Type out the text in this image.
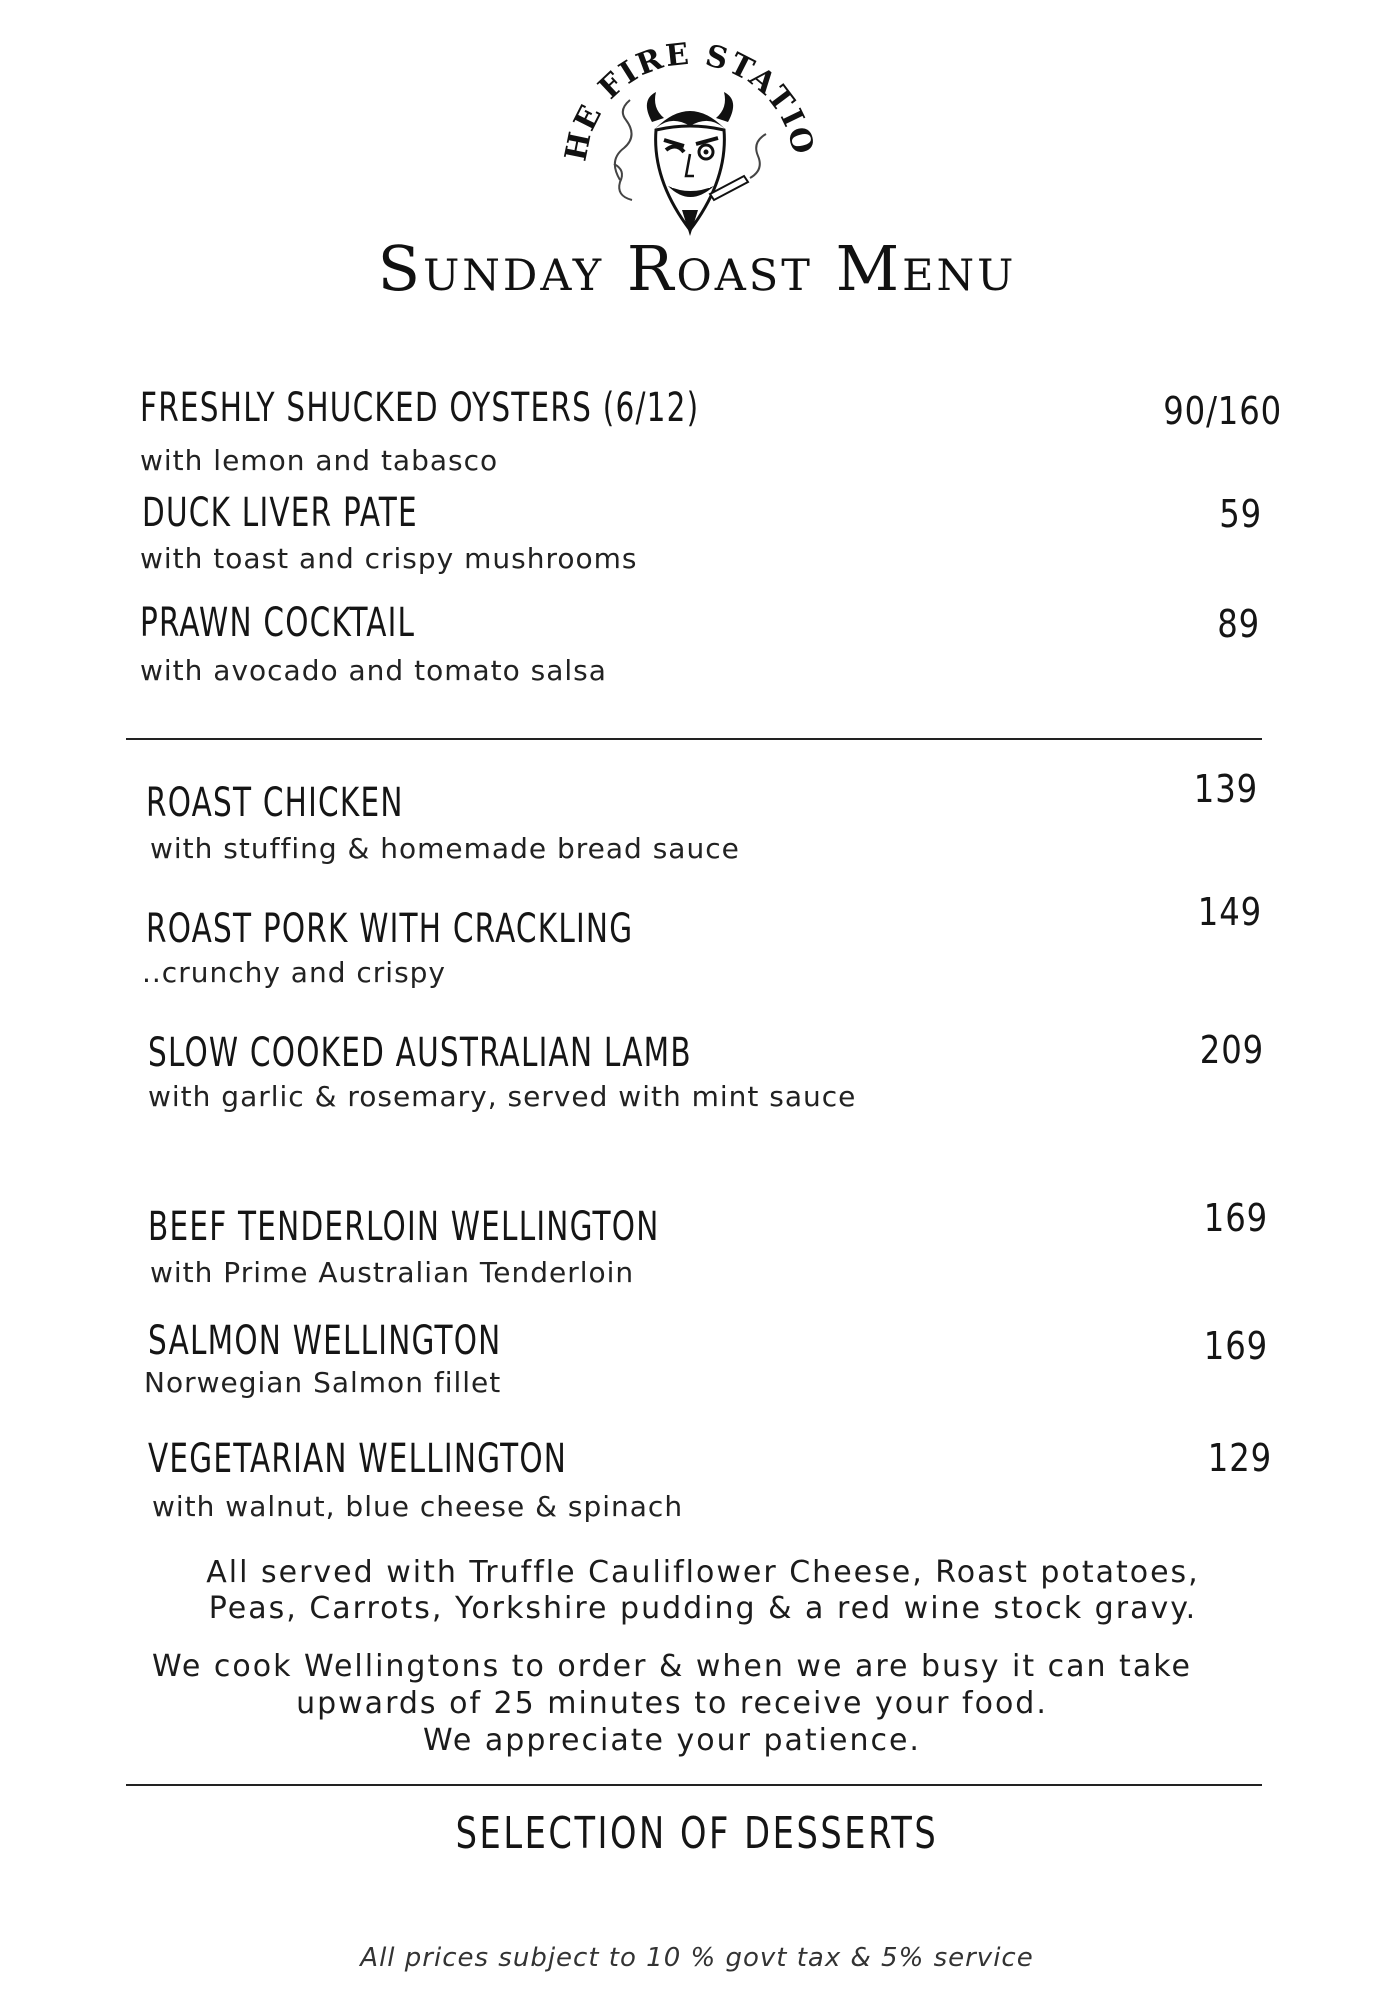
HE FIRE STATIO
Sunday Roast Menu
FRESHLY SHUCKED OYSTERS (6/12)
with lemon and tabasco
90/160
DUCK LIVER PATE
with toast and crispy mushrooms
59
PRAWN COCKTAIL
with avocado and tomato salsa
89
ROAST CHICKEN
with stuffing & homemade bread sauce
139
ROAST PORK WITH CRACKLING
..crunchy and crispy
149
SLOW COOKED AUSTRALIAN LAMB
with garlic & rosemary, served with mint sauce
209
BEEF TENDERLOIN WELLINGTON
with Prime Australian Tenderloin
169
SALMON WELLINGTON
Norwegian Salmon fillet
169
VEGETARIAN WELLINGTON
with walnut, blue cheese & spinach
129
All served with Truffle Cauliflower Cheese, Roast potatoes,
Peas, Carrots, Yorkshire pudding & a red wine stock gravy.
We cook Wellingtons to order & when we are busy it can take
upwards of 25 minutes to receive your food.
We appreciate your patience.
SELECTION OF DESSERTS
All prices subject to 10 % govt tax & 5% service
